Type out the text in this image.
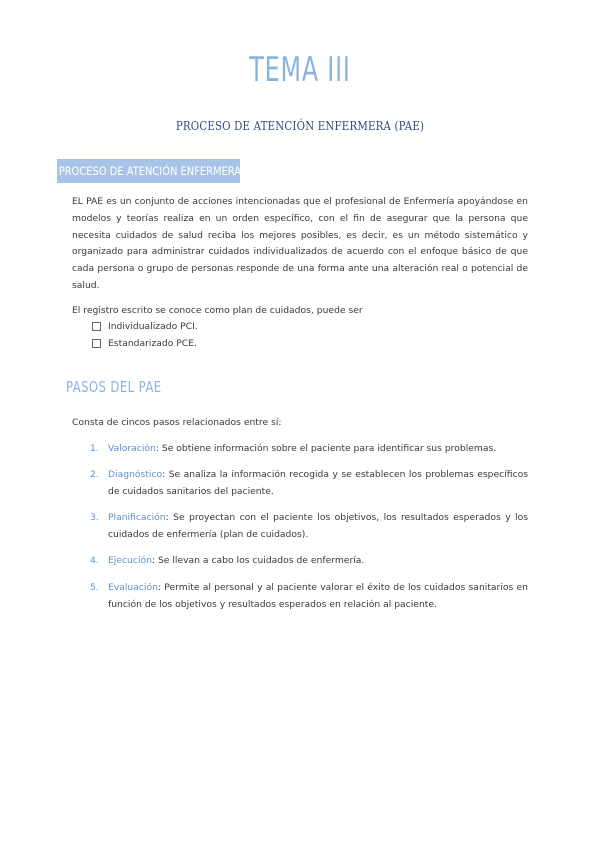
TEMA III
PROCESO DE ATENCIÓN ENFERMERA (PAE)
PROCESO DE ATENCIÓN ENFERMERA

EL PAE es un conjunto de acciones intencionadas que el profesional de Enfermería apoyándose en modelos y teorías realiza en un orden específico, con el fin de asegurar que la persona que necesita cuidados de salud reciba los mejores posibles, es decir, es un método sistemático y organizado para administrar cuidados individualizados de acuerdo con el enfoque básico de que cada persona o grupo de personas responde de una forma ante una alteración real o potencial de salud.

El registro escrito se conoce como plan de cuidados, puede ser
Individualizado PCI.
Estandarizado PCE.
PASOS DEL PAE
Consta de cincos pasos relacionados entre sí:
1. Valoración: Se obtiene información sobre el paciente para identificar sus problemas.
2. Diagnóstico: Se analiza la información recogida y se establecen los problemas específicos de cuidados sanitarios del paciente.
3. Planificación: Se proyectan con el paciente los objetivos, los resultados esperados y los cuidados de enfermería (plan de cuidados).
4. Ejecución: Se llevan a cabo los cuidados de enfermería.
5. Evaluación: Permite al personal y al paciente valorar el éxito de los cuidados sanitarios en función de los objetivos y resultados esperados en relación al paciente.
